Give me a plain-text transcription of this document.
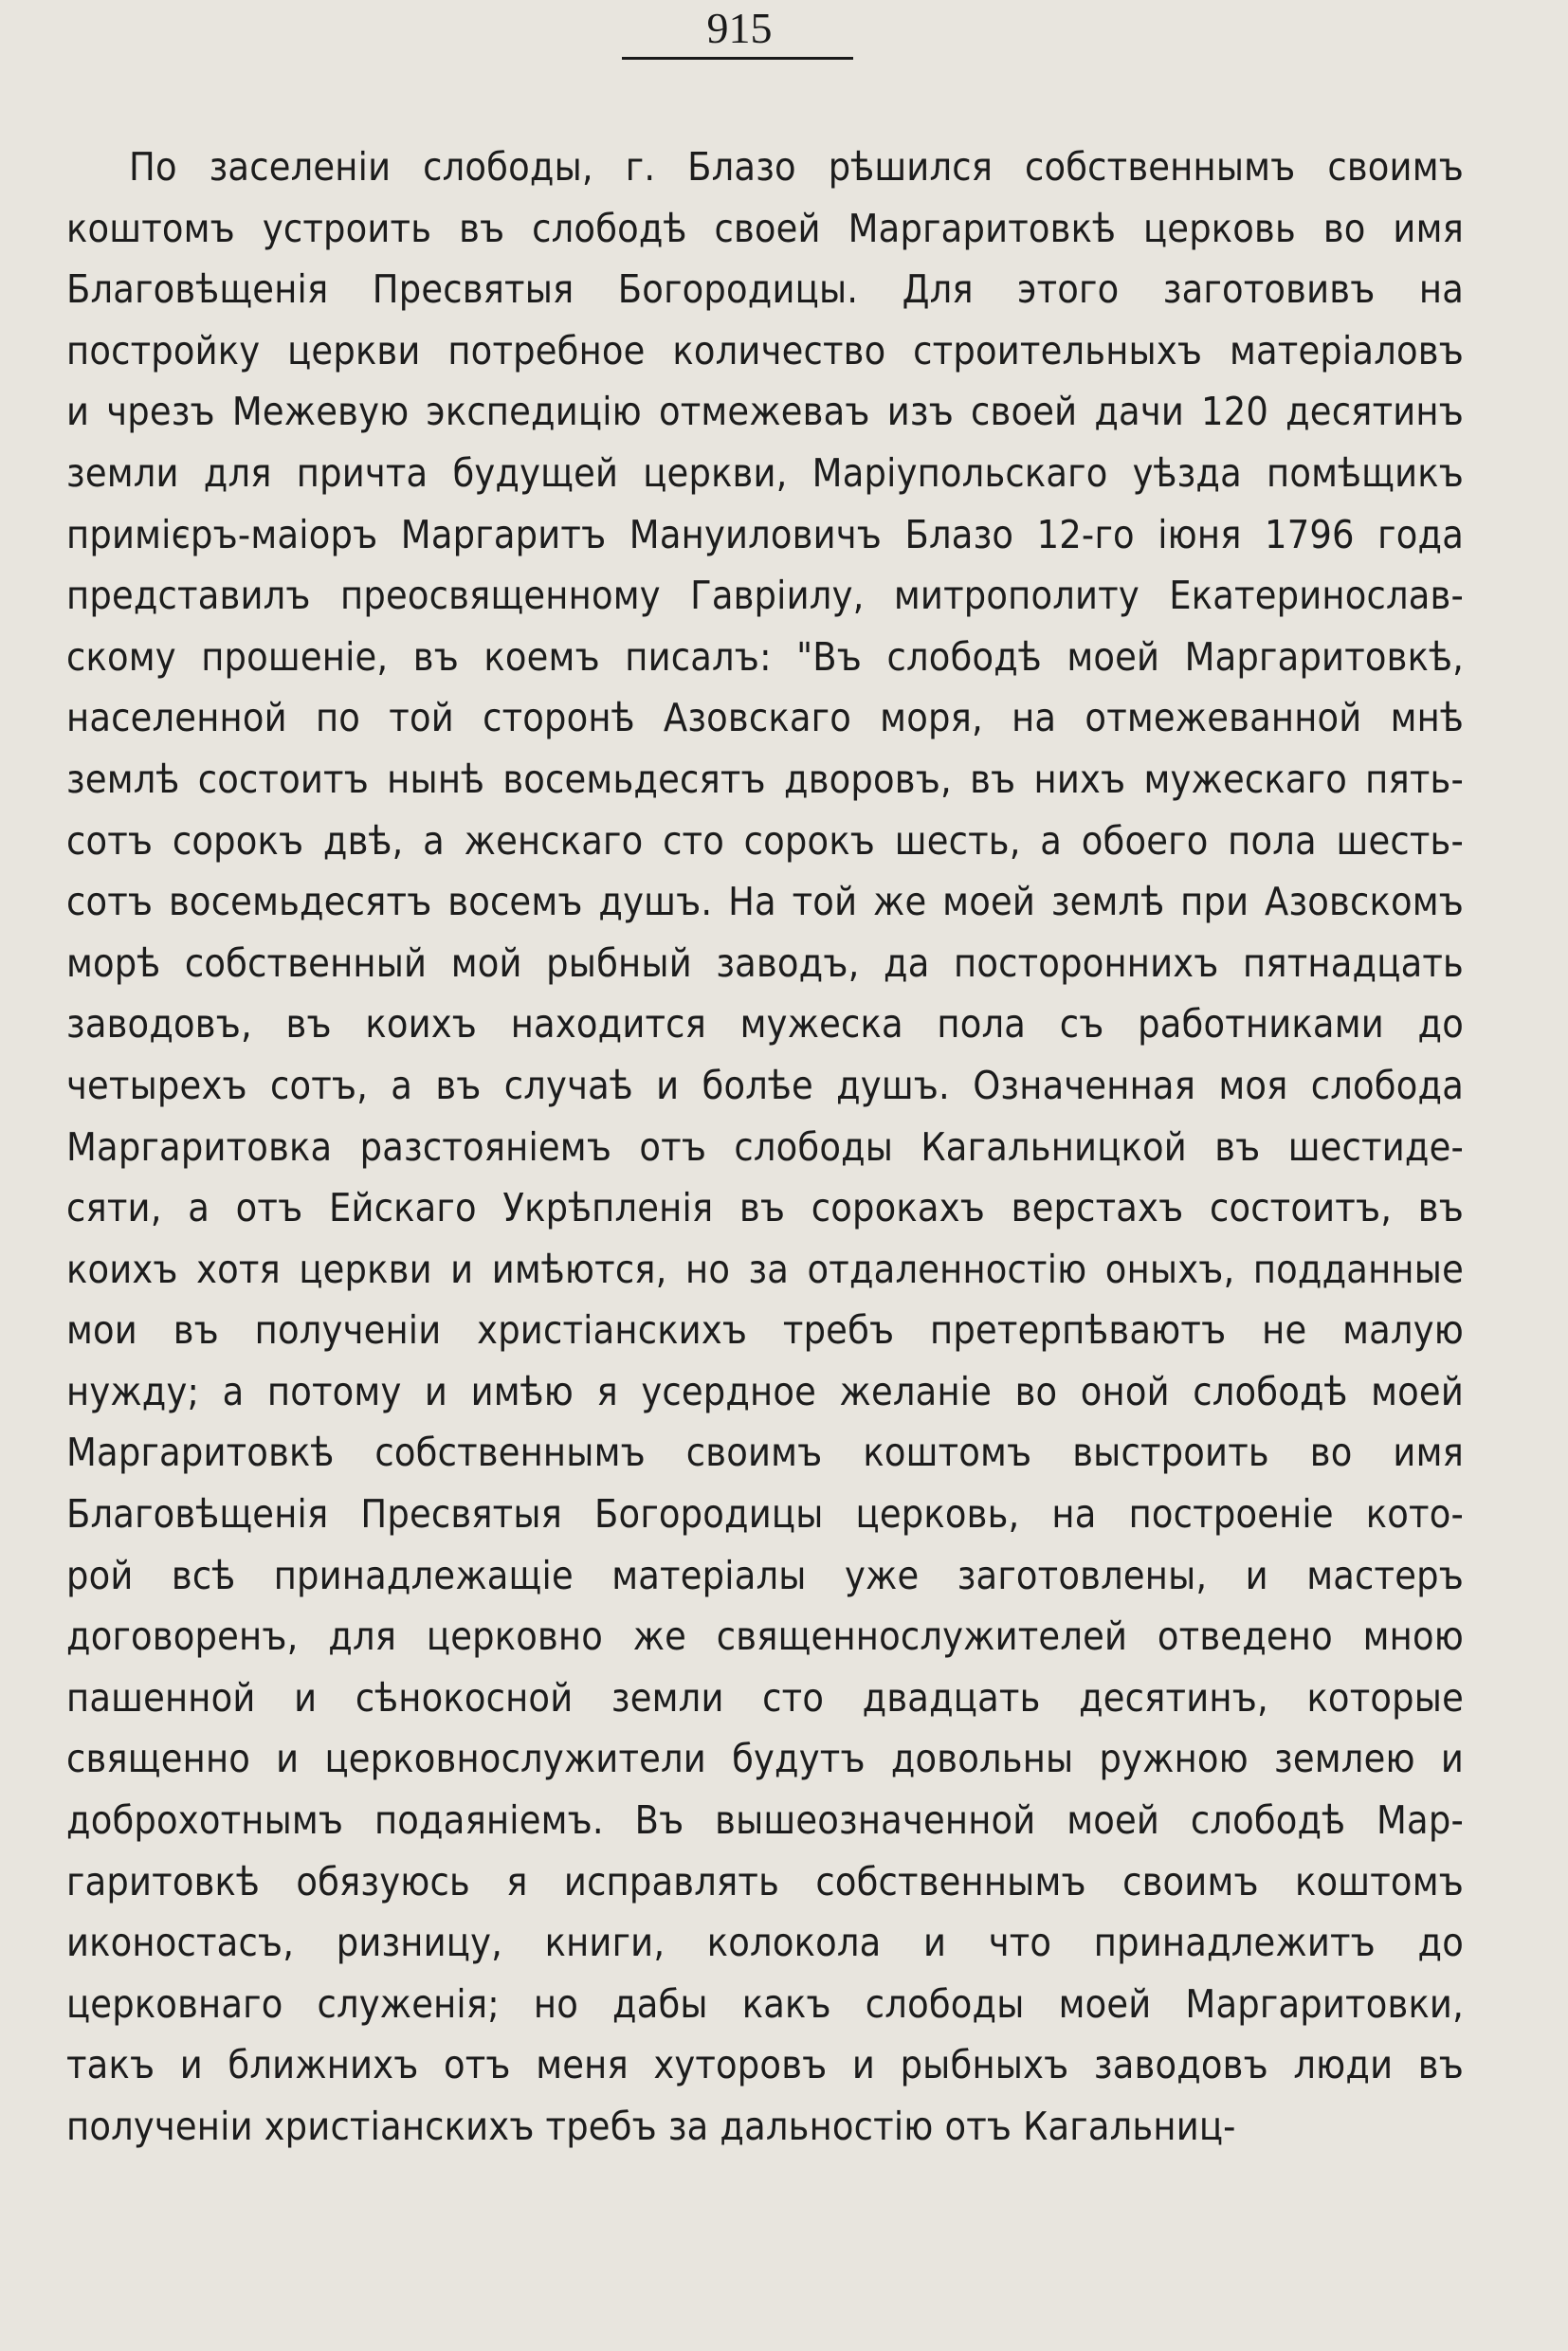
915
По заселеніи слободы, г. Блазо рѣшился собственнымъ своимъ
коштомъ устроить въ слободѣ своей Маргаритовкѣ церковь во имя
Благовѣщенія Пресвятыя Богородицы. Для этого заготовивъ на
постройку церкви потребное количество строительныхъ матеріаловъ
и чрезъ Межевую экспедицію отмежеваъ изъ своей дачи 120 десятинъ
земли для причта будущей церкви, Маріупольскаго уѣзда помѣщикъ
примієръ-маіоръ Маргаритъ Мануиловичъ Блазо 12-го іюня 1796 года
представилъ преосвященному Гавріилу, митрополиту Екатеринослав-
скому прошеніе, въ коемъ писалъ: "Въ слободѣ моей Маргаритовкѣ,
населенной по той сторонѣ Азовскаго моря, на отмежеванной мнѣ
землѣ состоитъ нынѣ восемьдесятъ дворовъ, въ нихъ мужескаго пять-
сотъ сорокъ двѣ, а женскаго сто сорокъ шесть, а обоего пола шесть-
сотъ восемьдесятъ восемъ душъ. На той же моей землѣ при Азовскомъ
морѣ собственный мой рыбный заводъ, да постороннихъ пятнадцать
заводовъ, въ коихъ находится мужеска пола съ работниками до
четырехъ сотъ, а въ случаѣ и болѣе душъ. Означенная моя слобода
Маргаритовка разстояніемъ отъ слободы Кагальницкой въ шестиде-
сяти, а отъ Ейскаго Укрѣпленія въ сорокахъ верстахъ состоитъ, въ
коихъ хотя церкви и имѣются, но за отдаленностію оныхъ, подданные
мои въ полученіи христіанскихъ требъ претерпѣваютъ не малую
нужду; а потому и имѣю я усердное желаніе во оной слободѣ моей
Маргаритовкѣ собственнымъ своимъ коштомъ выстроить во имя
Благовѣщенія Пресвятыя Богородицы церковь, на построеніе кото-
рой всѣ принадлежащіе матеріалы уже заготовлены, и мастеръ
договоренъ, для церковно же священнослужителей отведено мною
пашенной и сѣнокосной земли сто двадцать десятинъ, которые
священно и церковнослужители будутъ довольны ружною землею и
доброхотнымъ подаяніемъ. Въ вышеозначенной моей слободѣ Мар-
гаритовкѣ обязуюсь я исправлять собственнымъ своимъ коштомъ
иконостасъ, ризницу, книги, колокола и что принадлежитъ до
церковнаго служенія; но дабы какъ слободы моей Маргаритовки,
такъ и ближнихъ отъ меня хуторовъ и рыбныхъ заводовъ люди въ
полученіи христіанскихъ требъ за дальностію отъ Кагальниц-
